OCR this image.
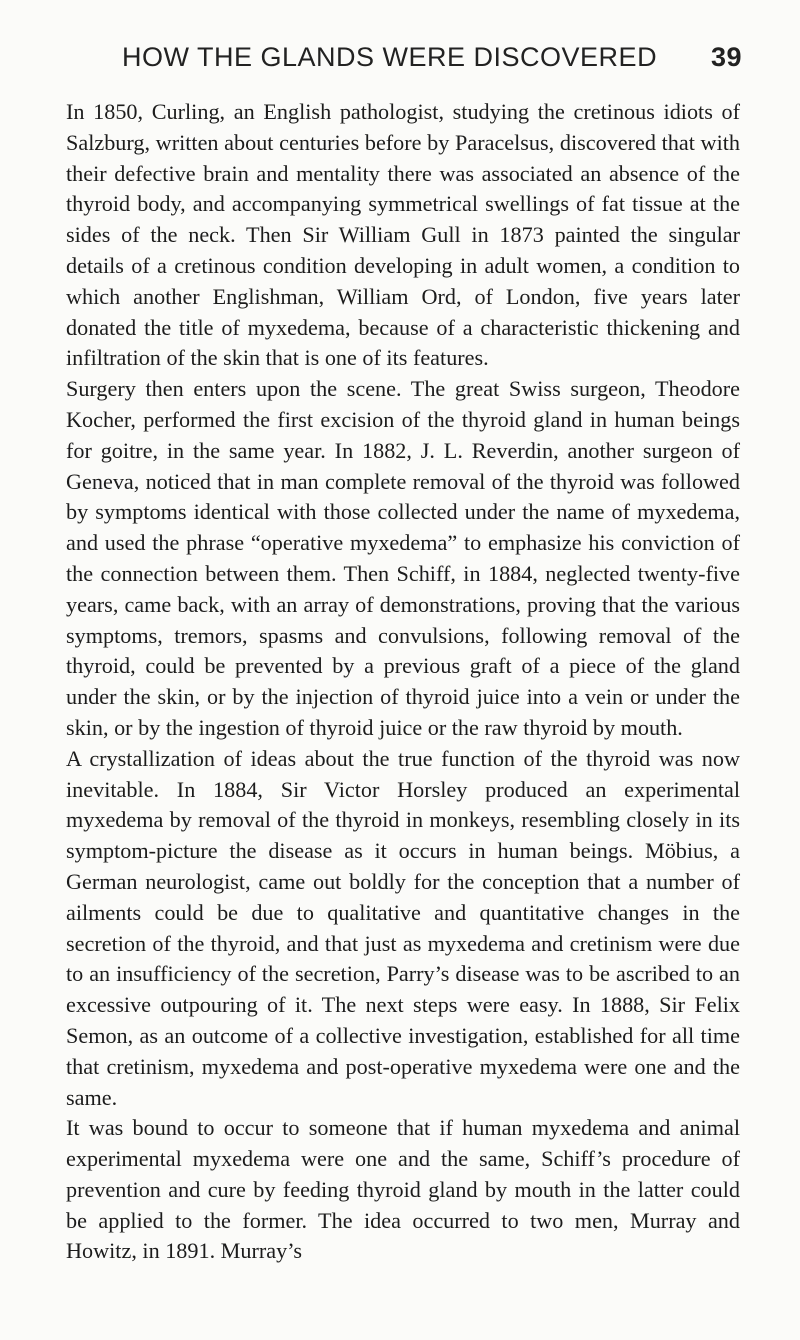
HOW THE GLANDS WERE DISCOVERED 39

In 1850, Curling, an English pathologist, studying the cretinous idiots of Salzburg, written about centuries before by Paracelsus, discovered that with their defective brain and mentality there was associated an absence of the thyroid body, and accompanying symmetrical swellings of fat tissue at the sides of the neck. Then Sir William Gull in 1873 painted the singular details of a cretinous condition developing in adult women, a condition to which another Englishman, William Ord, of London, five years later donated the title of myxedema, because of a characteristic thickening and infiltration of the skin that is one of its features.

Surgery then enters upon the scene. The great Swiss surgeon, Theodore Kocher, performed the first excision of the thyroid gland in human beings for goitre, in the same year. In 1882, J. L. Reverdin, another surgeon of Geneva, noticed that in man complete removal of the thyroid was followed by symptoms identical with those collected under the name of myxedema, and used the phrase “operative myxedema” to emphasize his conviction of the connection between them. Then Schiff, in 1884, neglected twenty-five years, came back, with an array of demonstrations, proving that the various symptoms, tremors, spasms and convulsions, following removal of the thyroid, could be prevented by a previous graft of a piece of the gland under the skin, or by the injection of thyroid juice into a vein or under the skin, or by the ingestion of thyroid juice or the raw thyroid by mouth.

A crystallization of ideas about the true function of the thyroid was now inevitable. In 1884, Sir Victor Horsley produced an experimental myxedema by removal of the thyroid in monkeys, resembling closely in its symptom-picture the disease as it occurs in human beings. Möbius, a German neurologist, came out boldly for the conception that a number of ailments could be due to qualitative and quantitative changes in the secretion of the thyroid, and that just as myxedema and cretinism were due to an insufficiency of the secretion, Parry’s disease was to be ascribed to an excessive outpouring of it. The next steps were easy. In 1888, Sir Felix Semon, as an outcome of a collective investigation, established for all time that cretinism, myxedema and post-operative myxedema were one and the same.

It was bound to occur to someone that if human myxedema and animal experimental myxedema were one and the same, Schiff’s procedure of prevention and cure by feeding thyroid gland by mouth in the latter could be applied to the former. The idea occurred to two men, Murray and Howitz, in 1891. Murray’s
